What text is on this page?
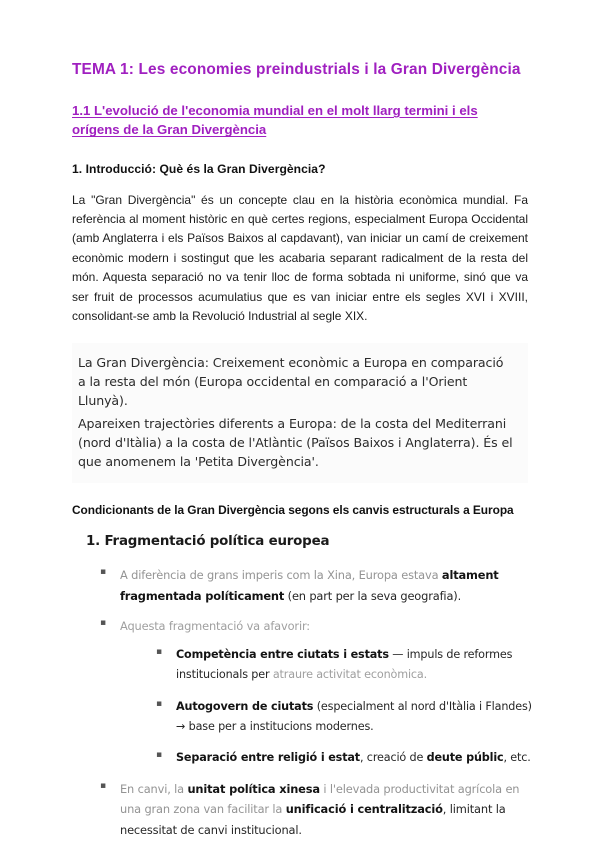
TEMA 1: Les economies preindustrials i la Gran Divergència
1.1 L'evolució de l'economia mundial en el molt llarg termini i els orígens de la Gran Divergència
1. Introducció: Què és la Gran Divergència?

La "Gran Divergència" és un concepte clau en la història econòmica mundial. Fa referència al moment històric en què certes regions, especialment Europa Occidental (amb Anglaterra i els Països Baixos al capdavant), van iniciar un camí de creixement econòmic modern i sostingut que les acabaria separant radicalment de la resta del món. Aquesta separació no va tenir lloc de forma sobtada ni uniforme, sinó que va ser fruit de processos acumulatius que es van iniciar entre els segles XVI i XVIII, consolidant-se amb la Revolució Industrial al segle XIX.

La Gran Divergència: Creixement econòmic a Europa en comparació a la resta del món (Europa occidental en comparació a l'Orient Llunyà).

Apareixen trajectòries diferents a Europa: de la costa del Mediterrani (nord d'Itàlia) a la costa de l'Atlàntic (Països Baixos i Anglaterra). És el que anomenem la 'Petita Divergència'.

Condicionants de la Gran Divergència segons els canvis estructurals a Europa
1. Fragmentació política europea
▪ A diferència de grans imperis com la Xina, Europa estava altament fragmentada políticament (en part per la seva geografia).
▪ Aquesta fragmentació va afavorir:
▪ Competència entre ciutats i estats — impuls de reformes institucionals per atraure activitat econòmica.
▪ Autogovern de ciutats (especialment al nord d'Itàlia i Flandes) → base per a institucions modernes.
▪ Separació entre religió i estat, creació de deute públic, etc.
▪ En canvi, la unitat política xinesa i l'elevada productivitat agrícola en una gran zona van facilitar la unificació i centralització, limitant la necessitat de canvi institucional.
